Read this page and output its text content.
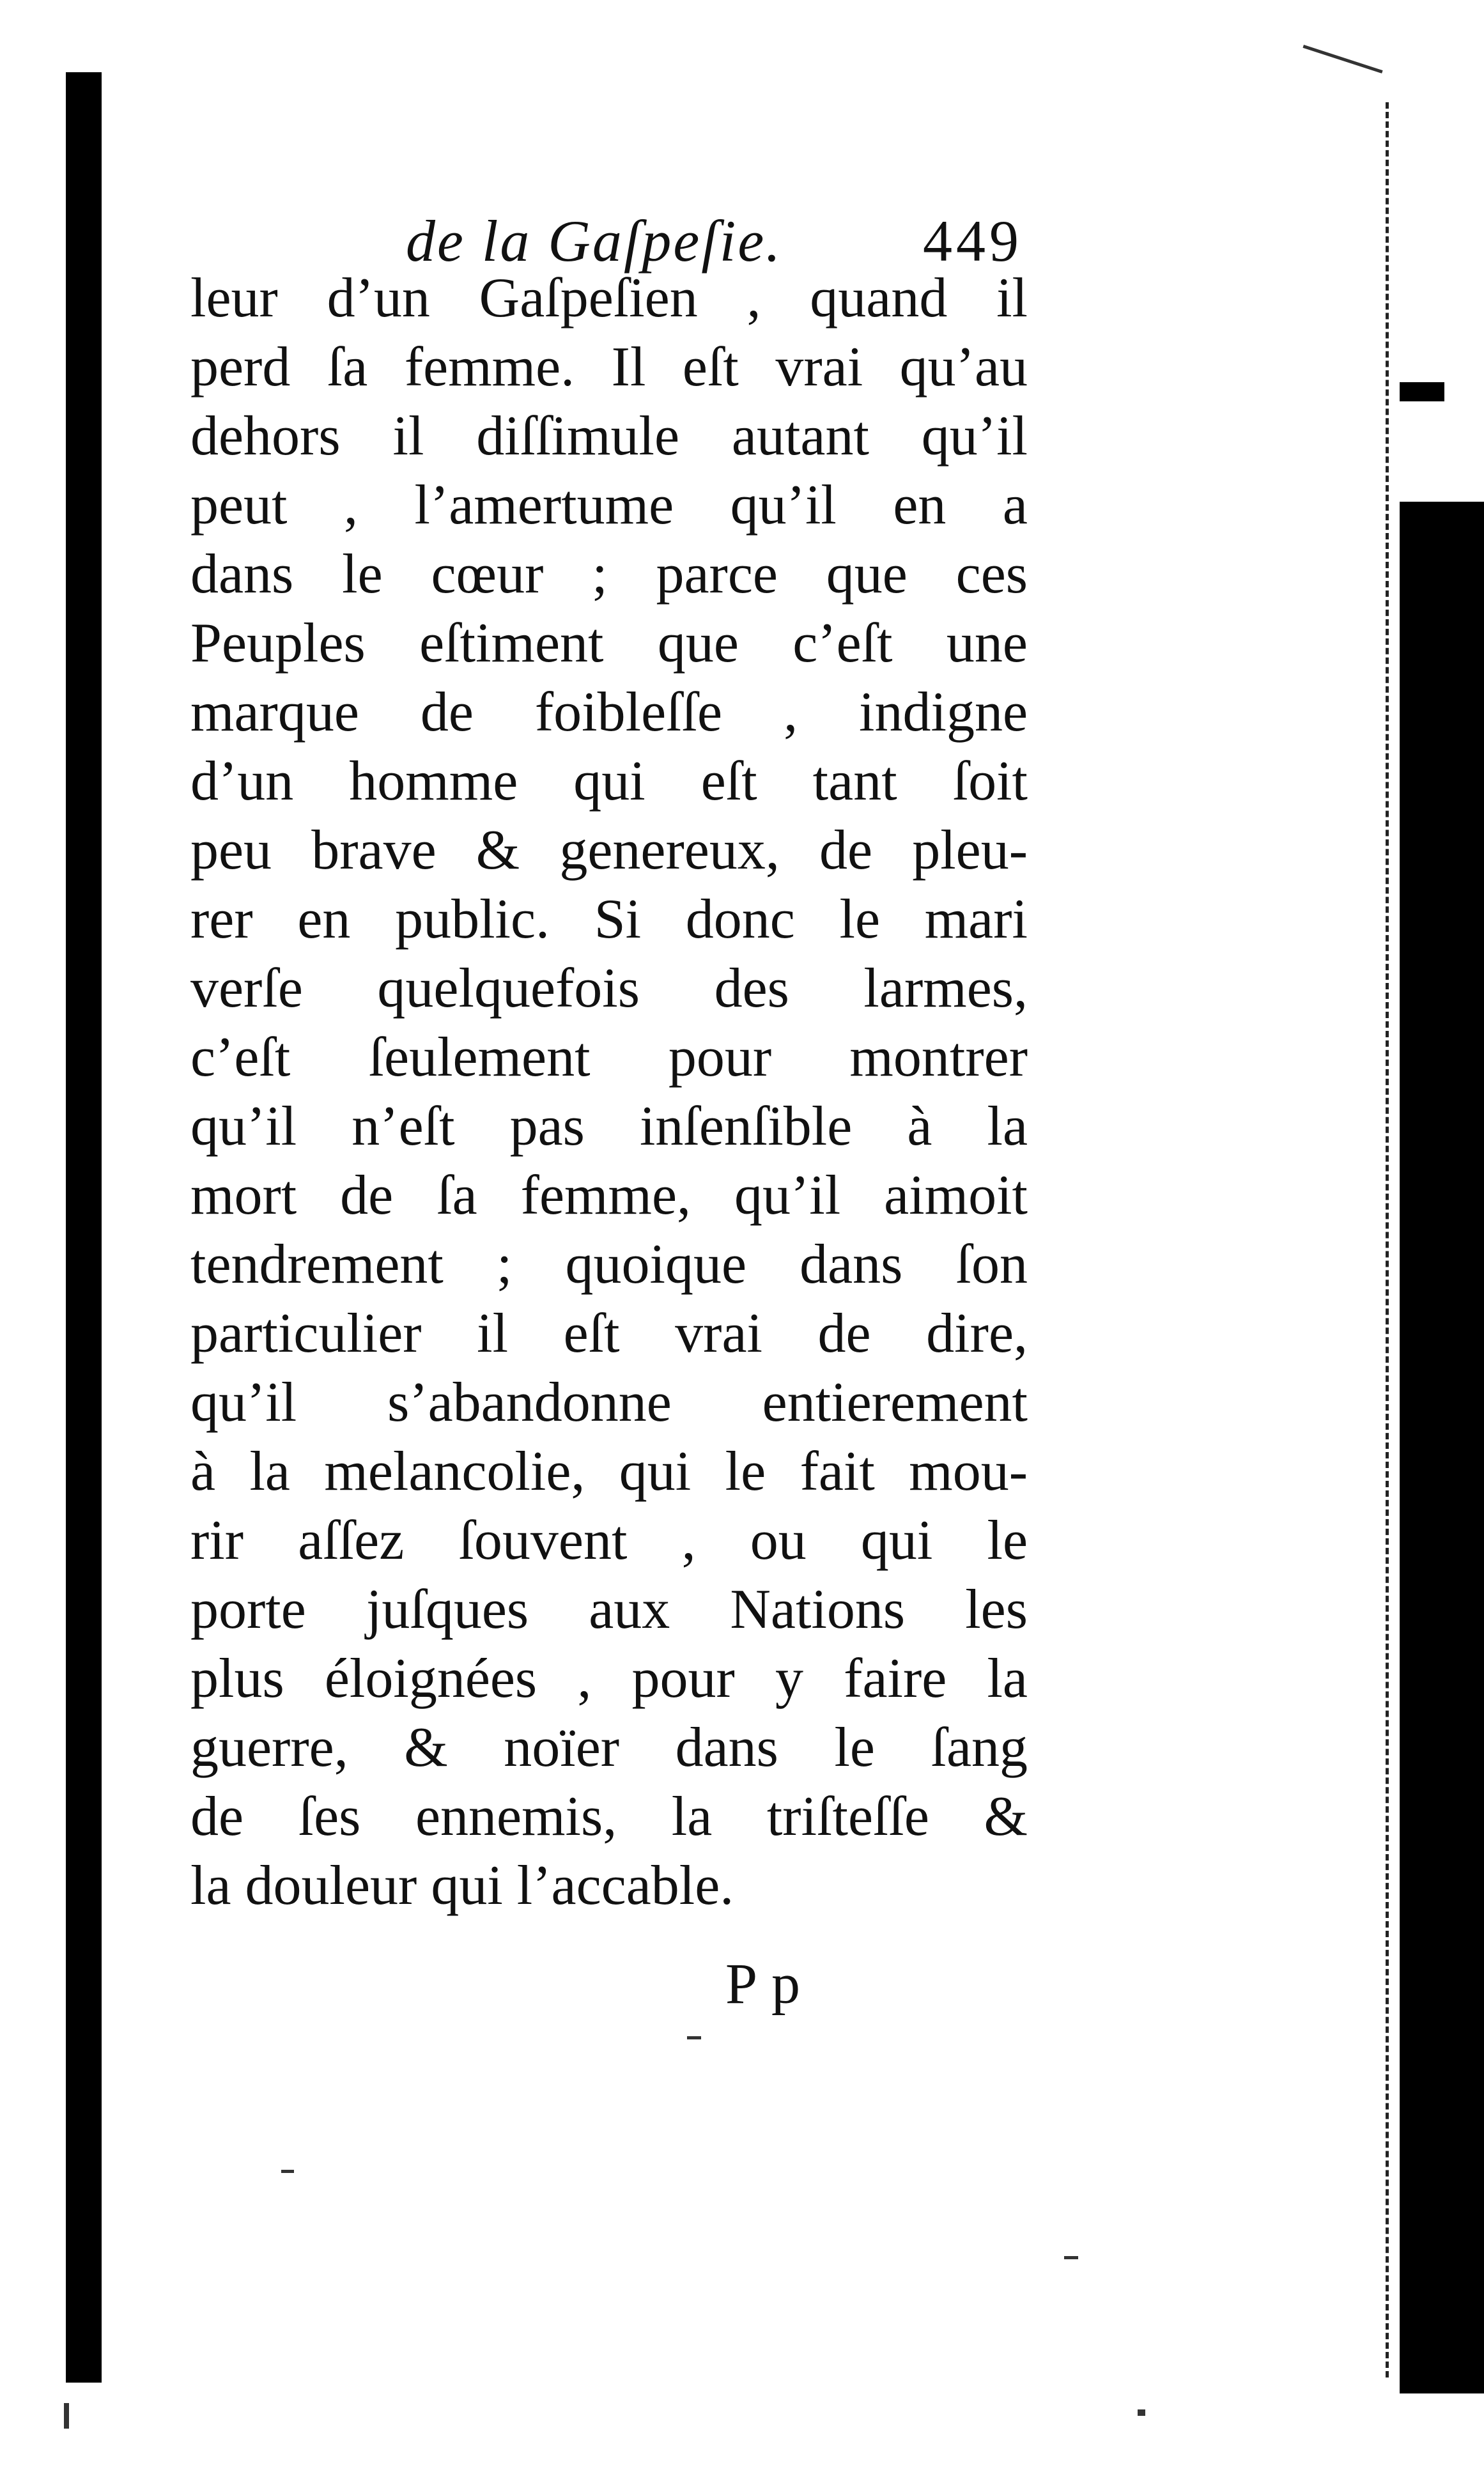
de la Gaſpeſie. 449
leur d’un Gaſpeſien , quand il
perd ſa femme. Il eſt vrai qu’au
dehors il diſſimule autant qu’il
peut , l’amertume qu’il en a
dans le cœur ; parce que ces
Peuples eſtiment que c’eſt une
marque de foibleſſe , indigne
d’un homme qui eſt tant ſoit
peu brave & genereux, de pleu-
rer en public. Si donc le mari
verſe quelquefois des larmes,
c’eſt ſeulement pour montrer
qu’il n’eſt pas inſenſible à la
mort de ſa femme, qu’il aimoit
tendrement ; quoique dans ſon
particulier il eſt vrai de dire,
qu’il s’abandonne entierement
à la melancolie, qui le fait mou-
rir aſſez ſouvent , ou qui le
porte juſques aux Nations les
plus éloignées , pour y faire la
guerre, & noïer dans le ſang
de ſes ennemis, la triſteſſe &
la douleur qui l’accable.
Pp
